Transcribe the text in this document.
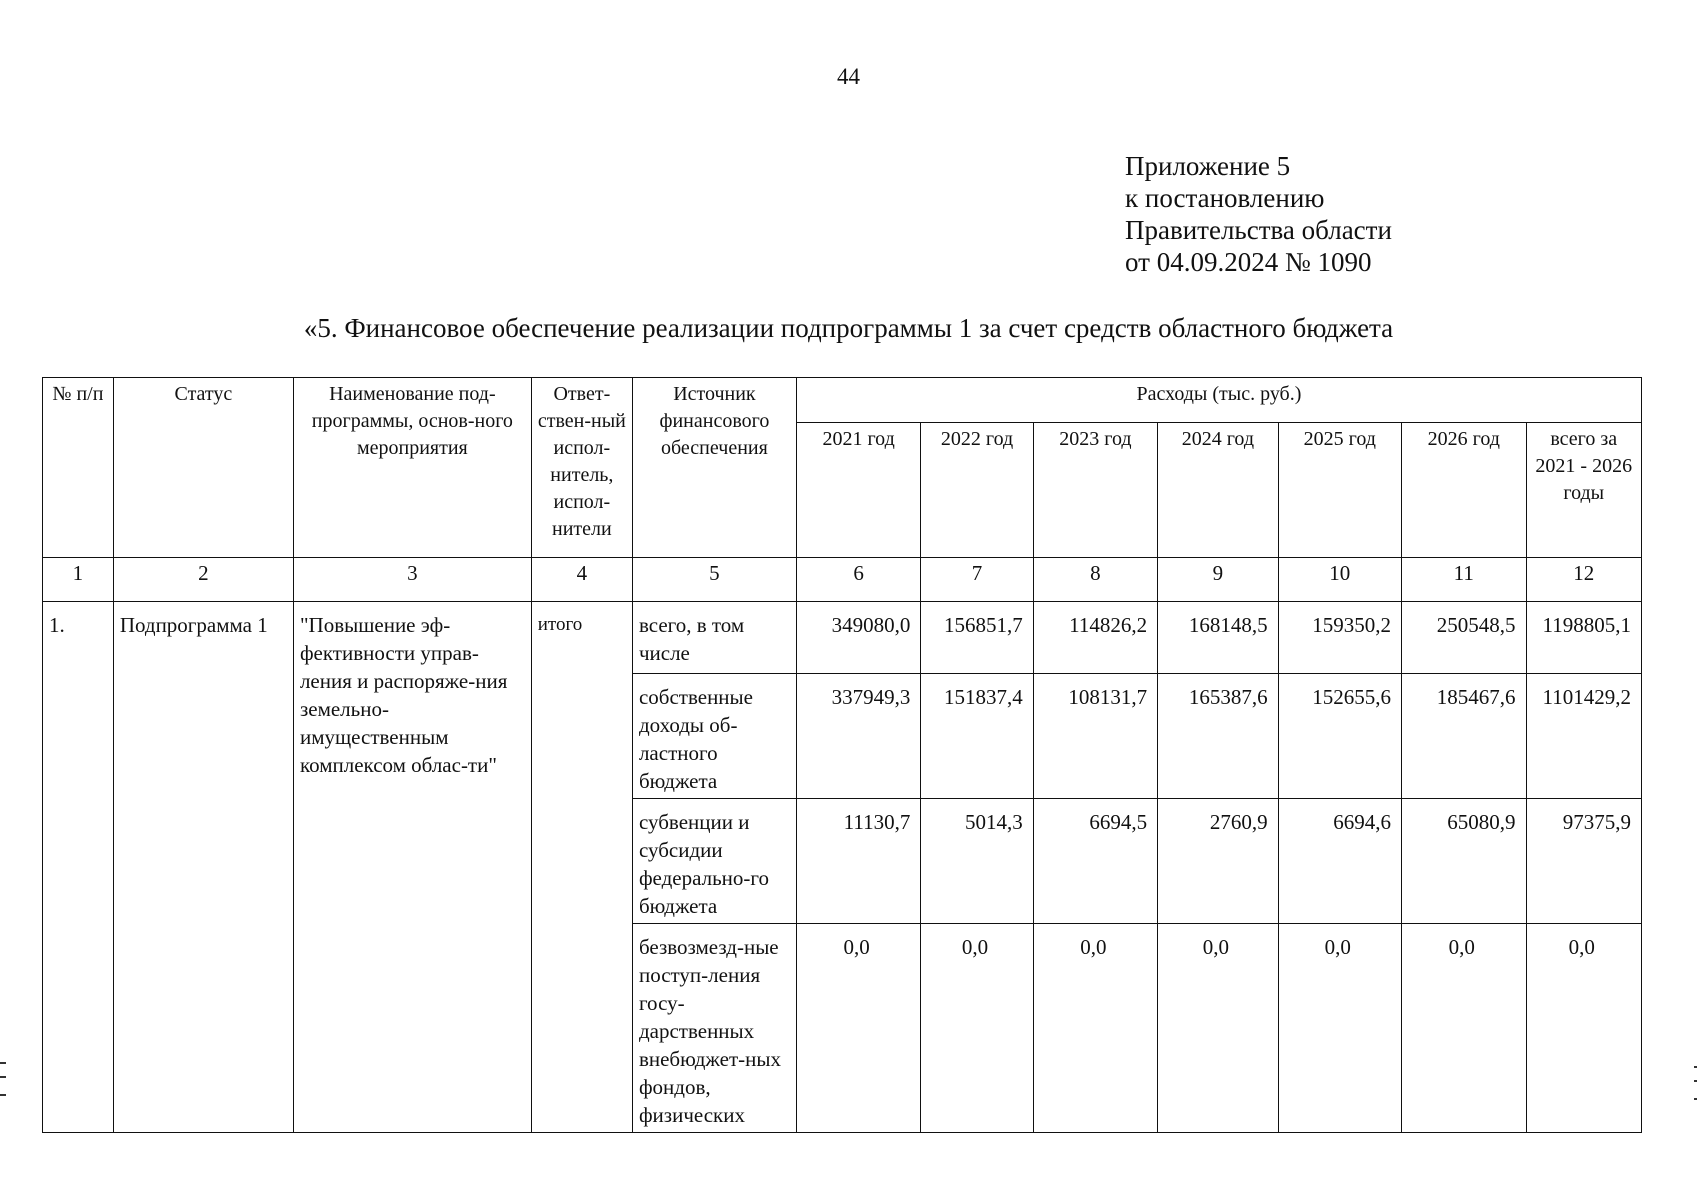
44
Приложение 5
к постановлению
Правительства области
от 04.09.2024 № 1090
«5. Финансовое обеспечение реализации подпрограммы 1 за счет средств областного бюджета
№ п/п	Статус	Наименование под-программы, основ-ного мероприятия	Ответ-ствен-ный испол-нитель, испол-нители	Источник финансового обеспечения	Расходы (тыс. руб.)						
					2021 год	2022 год	2023 год	2024 год	2025 год	2026 год	всего за 2021 - 2026 годы
1	2	3	4	5	6	7	8	9	10	11	12
1.	Подпрограмма 1	"Повышение эф-фективности управ-ления и распоряже-ния земельно-имущественным комплексом облас-ти"	итого	всего, в том числе	349080,0	156851,7	114826,2	168148,5	159350,2	250548,5	1198805,1
				собственные доходы об-ластного бюджета	337949,3	151837,4	108131,7	165387,6	152655,6	185467,6	1101429,2
				субвенции и субсидии федерально-го бюджета	11130,7	5014,3	6694,5	2760,9	6694,6	65080,9	97375,9
				безвозмезд-ные поступ-ления госу-дарственных внебюджет-ных фондов, физических	0,0	0,0	0,0	0,0	0,0	0,0	0,0
